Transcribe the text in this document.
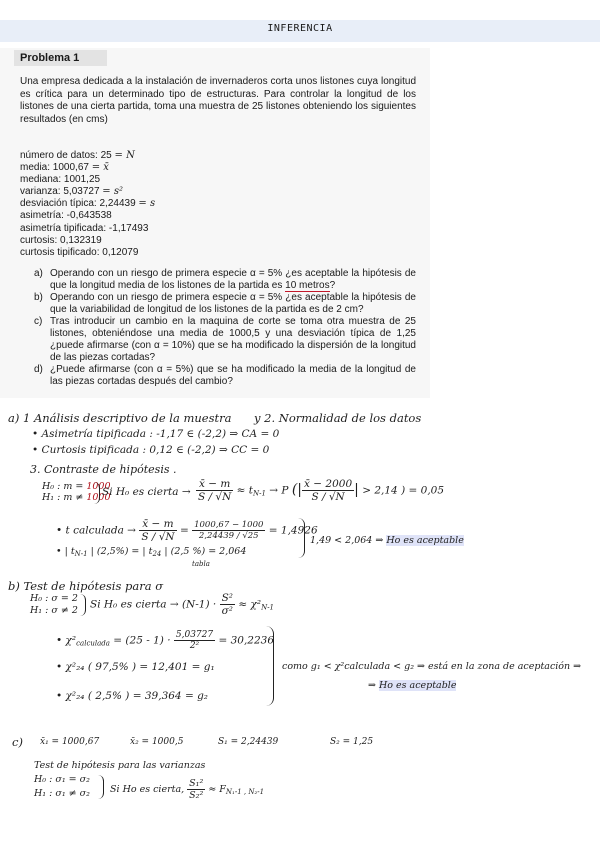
INFERENCIA
Problema 1
Una empresa dedicada a la instalación de invernaderos corta unos listones cuya longitud es crítica para un determinado tipo de estructuras. Para controlar la longitud de los listones de una cierta partida, toma una muestra de 25 listones obteniendo los siguientes resultados (en cms)
número de datos: 25 = N
media: 1000,67 = x̄
mediana: 1001,25
varianza: 5,03727 = s²
desviación típica: 2,24439 = s
asimetría: -0,643538
asimetría tipificada: -1,17493
curtosis: 0,132319
curtosis tipificado: 0,12079
a) Operando con un riesgo de primera especie α = 5% ¿es aceptable la hipótesis de que la longitud media de los listones de la partida es 10 metros?
b) Operando con un riesgo de primera especie α = 5% ¿es aceptable la hipótesis de que la variabilidad de longitud de los listones de la partida es de 2 cm?
c) Tras introducir un cambio en la maquina de corte se toma otra muestra de 25 listones, obteniéndose una media de 1000,5 y una desviación típica de 1,25 ¿puede afirmarse (con α = 10%) que se ha modificado la dispersión de la longitud de las piezas cortadas?
d) ¿Puede afirmarse (con α = 5%) que se ha modificado la media de la longitud de las piezas cortadas después del cambio?
a) 1 Análisis descriptivo de la muestra y 2. Normalidad de los datos
• Asimetría tipificada : -1,17 ∈ (-2,2) ⇒ CA = 0
• Curtosis tipificada : 0,12 ∈ (-2,2) ⇒ CC = 0
3. Contraste de hipótesis .
H₀ : m = 1000
H₁ : m ≠ 1000
Si H₀ es cierta → $\frac{x̄ - m}{S / √N} \approx t_{N-1} \to P$ (| $\frac{x̄ - 2000}{S / √N}$ | > 2,14 ) = 0,05
• t calculada → $\frac{x̄ - m}{S / √N} = \frac{1000,67 - 1000}{2,24439 / √25} = 1,4926$
• | $t_{N-1}$ | (2,5%) = | $t_{24}$ | (2,5 %) = 2,064
tabla
1,49 < 2,064 ⇒ Ho es aceptable
b) Test de hipótesis para σ
H₀ : σ = 2
H₁ : σ ≠ 2 Si H₀ es cierta → $(N-1) \cdot \frac{\text{S²}}{\text{σ²}} \approx \chi^2_{N-1}$
• $\chi^2_{calculada} = (25 - 1) \cdot \frac{5,03727}{\text{2²}} = 30,2236$
• χ²₂₄ ( 97,5% ) = 12,401 = g₁
• χ²₂₄ ( 2,5% ) = 39,364 = g₂
como g₁ < χ²calculada < g₂ ⇒ está en la zona de aceptación ⇒
⇒ Ho es aceptable
c) x̄₁ = 1000,67	x̄₂ = 1000,5	S₁ = 2,24439	S₂ = 1,25
Test de hipótesis para las varianzas
H₀ : σ₁ = σ₂
H₁ : σ₁ ≠ σ₂ Si Ho es cierta, $\frac{\text{S₁²}}{\text{S₂²}} \approx F_{N_1-1 , N_2-1}$
